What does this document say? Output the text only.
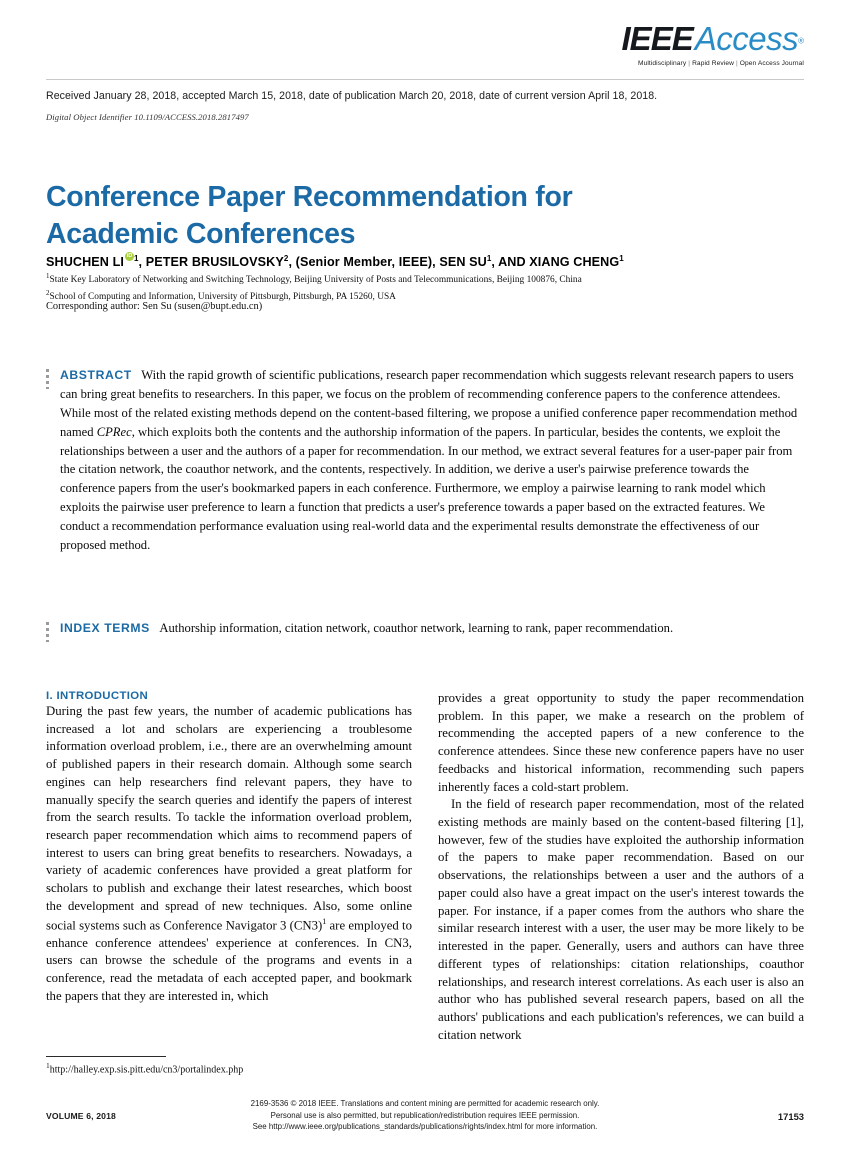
IEEEAccess®
Multidisciplinary | Rapid Review | Open Access Journal
Received January 28, 2018, accepted March 15, 2018, date of publication March 20, 2018, date of current version April 18, 2018.
Digital Object Identifier 10.1109/ACCESS.2018.2817497
Conference Paper Recommendation for Academic Conferences
SHUCHEN LI $^1$, PETER BRUSILOVSKY$^2$, (Senior Member, IEEE), SEN $SU^1$, AND XIANG CHENG$^1$
$^1$State Key Laboratory of Networking and Switching Technology, Beijing University of Posts and Telecommunications, Beijing 100876, China
$^2$School of Computing and Information, University of Pittsburgh, Pittsburgh, PA 15260, USA
Corresponding author: Sen Su (susen@bupt.edu.cn)
ABSTRACT With the rapid growth of scientific publications, research paper recommendation which suggests relevant research papers to users can bring great benefits to researchers. In this paper, we focus on the problem of recommending conference papers to the conference attendees. While most of the related existing methods depend on the content-based filtering, we propose a unified conference paper recommendation method named CPRec, which exploits both the contents and the authorship information of the papers. In particular, besides the contents, we exploit the relationships between a user and the authors of a paper for recommendation. In our method, we extract several features for a user-paper pair from the citation network, the coauthor network, and the contents, respectively. In addition, we derive a user's pairwise preference towards the conference papers from the user's bookmarked papers in each conference. Furthermore, we employ a pairwise learning to rank model which exploits the pairwise user preference to learn a function that predicts a user's preference towards a paper based on the extracted features. We conduct a recommendation performance evaluation using real-world data and the experimental results demonstrate the effectiveness of our proposed method.
INDEX TERMS Authorship information, citation network, coauthor network, learning to rank, paper recommendation.
I. INTRODUCTION

During the past few years, the number of academic publications has increased a lot and scholars are experiencing a troublesome information overload problem, i.e., there are an overwhelming amount of published papers in their research domain. Although some search engines can help researchers find relevant papers, they have to manually specify the search queries and identify the papers of interest from the search results. To tackle the information overload problem, research paper recommendation which aims to recommend papers of interest to users can bring great benefits to researchers. Nowadays, a variety of academic conferences have provided a great platform for scholars to publish and exchange their latest researches, which boost the development and spread of new techniques. Also, some online social systems such as Conference Navigator 3 $(CN3)^1$ are employed to enhance conference attendees' experience at conferences. In CN3, users can browse the schedule of the programs and events in a conference, read the metadata of each accepted paper, and bookmark the papers that they are interested in, which

provides a great opportunity to study the paper recommendation problem. In this paper, we make a research on the problem of recommending the accepted papers of a new conference to the conference attendees. Since these new conference papers have no user feedbacks and historical information, recommending such papers inherently faces a cold-start problem.

In the field of research paper recommendation, most of the related existing methods are mainly based on the content-based filtering [1], however, few of the studies have exploited the authorship information of the papers to make paper recommendation. Based on our observations, the relationships between a user and the authors of a paper could also have a great impact on the user's interest towards the paper. For instance, if a paper comes from the authors who share the similar research interest with a user, the user may be more likely to be interested in the paper. Generally, users and authors can have three different types of relationships: citation relationships, coauthor relationships, and research interest correlations. As each user is also an author who has published several research papers, based on all the authors' publications and each publication's references, we can build a citation network

$^1$http://halley.exp.sis.pitt.edu/cn3/portalindex.php
VOLUME 6, 2018
2169-3536 © 2018 IEEE. Translations and content mining are permitted for academic research only.
Personal use is also permitted, but republication/redistribution requires IEEE permission.
See http://www.ieee.org/publications_standards/publications/rights/index.html for more information.
17153
